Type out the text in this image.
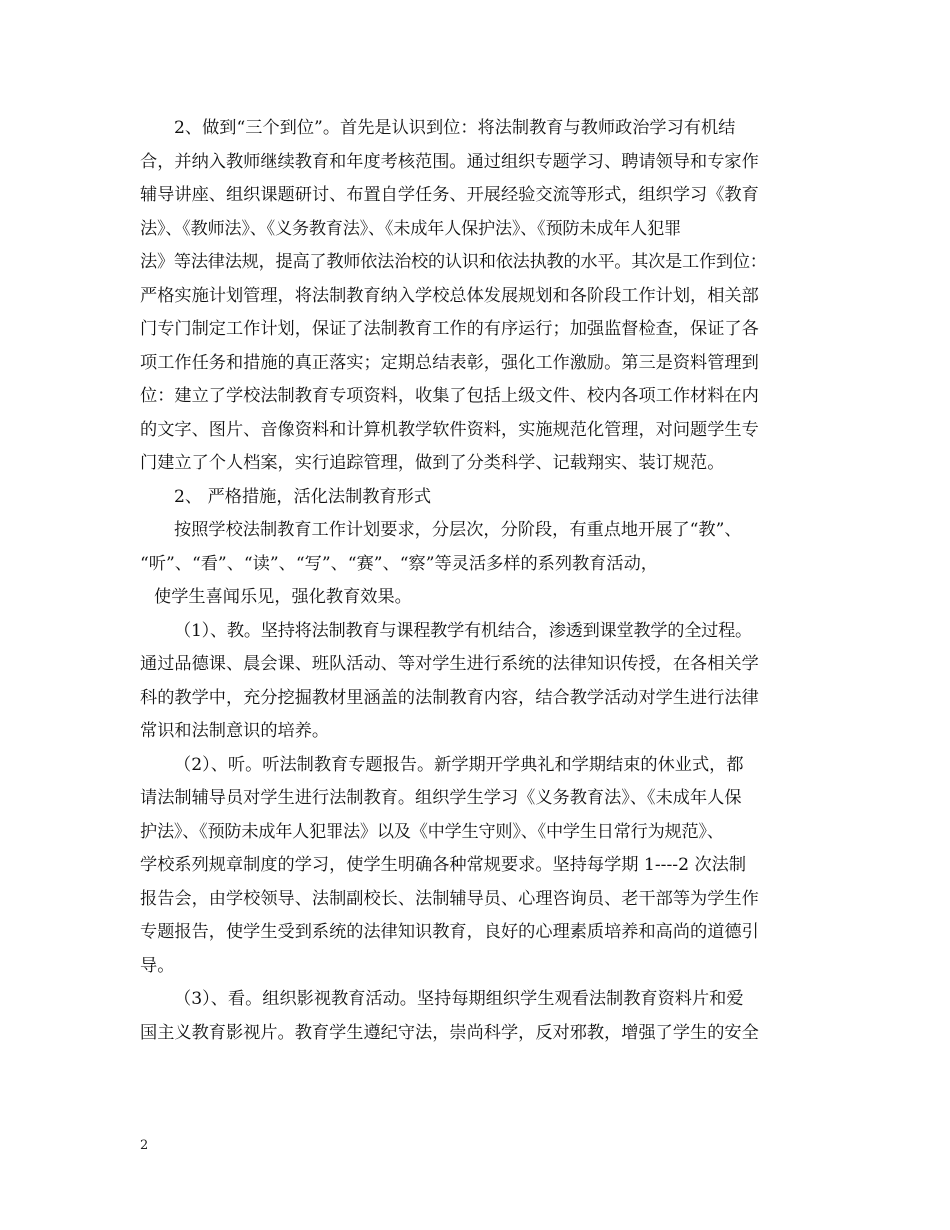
2、做到“三个到位”。首先是认识到位：将法制教育与教师政治学习有机结
合，并纳入教师继续教育和年度考核范围。通过组织专题学习、聘请领导和专家作
辅导讲座、组织课题研讨、布置自学任务、开展经验交流等形式，组织学习《教育
法》、《教师法》、《义务教育法》、《未成年人保护法》、《预防未成年人犯罪
法》等法律法规，提高了教师依法治校的认识和依法执教的水平。其次是工作到位：
严格实施计划管理，将法制教育纳入学校总体发展规划和各阶段工作计划，相关部
门专门制定工作计划，保证了法制教育工作的有序运行；加强监督检查，保证了各
项工作任务和措施的真正落实；定期总结表彰，强化工作激励。第三是资料管理到
位：建立了学校法制教育专项资料，收集了包括上级文件、校内各项工作材料在内
的文字、图片、音像资料和计算机教学软件资料，实施规范化管理，对问题学生专
门建立了个人档案，实行追踪管理，做到了分类科学、记载翔实、装订规范。
2、 严格措施，活化法制教育形式
按照学校法制教育工作计划要求，分层次，分阶段，有重点地开展了“教”、
“听”、“看”、“读”、“写”、“赛”、“察”等灵活多样的系列教育活动，
使学生喜闻乐见，强化教育效果。
（1）、教。坚持将法制教育与课程教学有机结合，渗透到课堂教学的全过程。
通过品德课、晨会课、班队活动、等对学生进行系统的法律知识传授，在各相关学
科的教学中，充分挖掘教材里涵盖的法制教育内容，结合教学活动对学生进行法律
常识和法制意识的培养。
（2）、听。听法制教育专题报告。新学期开学典礼和学期结束的休业式，都
请法制辅导员对学生进行法制教育。组织学生学习《义务教育法》、《未成年人保
护法》、《预防未成年人犯罪法》以及《中学生守则》、《中学生日常行为规范》、
学校系列规章制度的学习，使学生明确各种常规要求。坚持每学期 1----2 次法制
报告会，由学校领导、法制副校长、法制辅导员、心理咨询员、老干部等为学生作
专题报告，使学生受到系统的法律知识教育，良好的心理素质培养和高尚的道德引
导。
（3）、看。组织影视教育活动。坚持每期组织学生观看法制教育资料片和爱
国主义教育影视片。教育学生遵纪守法，崇尚科学，反对邪教，增强了学生的安全
2
